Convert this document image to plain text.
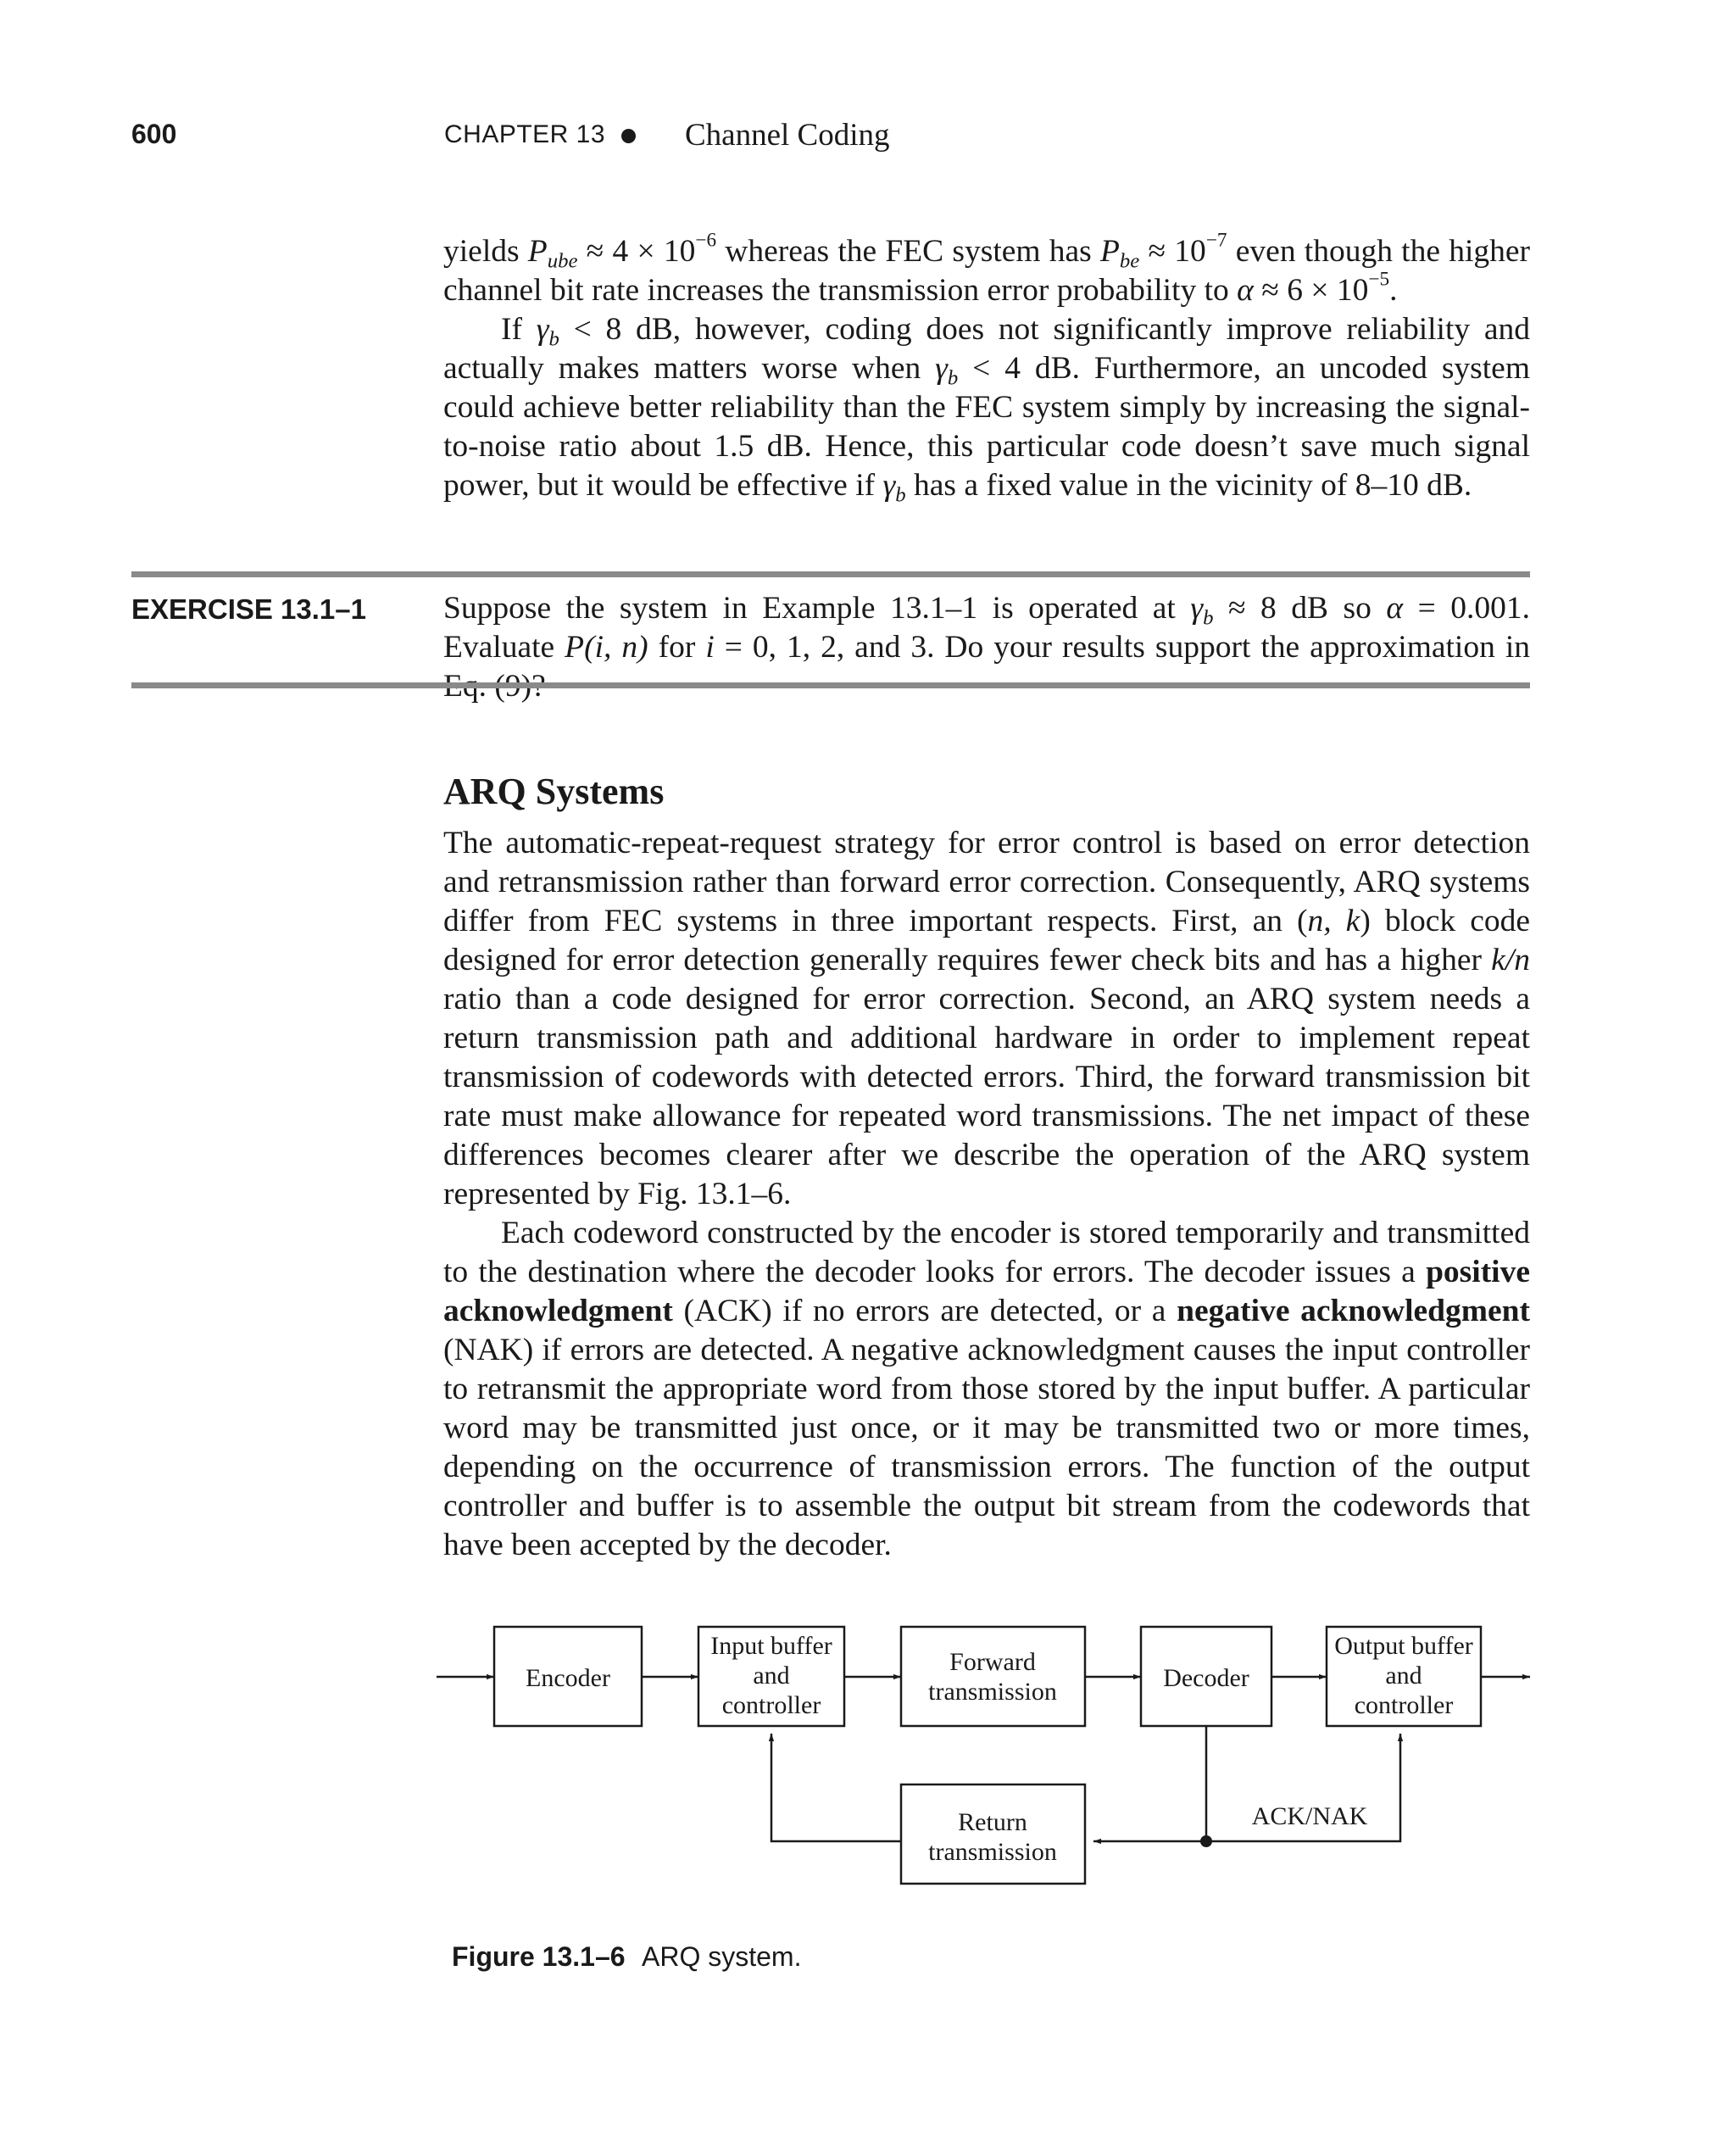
600	CHAPTER 13	Channel Coding

yields $P_{ube} \approx 4 \times 10^{-6}$ whereas the FEC system has $P_{be} \approx 10^{-7}$ even though the higher channel bit rate increases the transmission error probability to $\alpha \approx 6 \times 10^{-5}$.

If $\gamma_b < 8$ dB, however, coding does not significantly improve reliability and actually makes matters worse when $\gamma_b < 4$ dB. Furthermore, an uncoded system could achieve better reliability than the FEC system simply by increasing the signal-to-noise ratio about 1.5 dB. Hence, this particular code doesn’t save much signal power, but it would be effective if $\gamma_b$ has a fixed value in the vicinity of 8–10 dB.

EXERCISE 13.1–1 Suppose the system in Example 13.1–1 is operated at $\gamma_b \approx 8$ dB so α = 0.001. Evaluate P(i, n) for i = 0, 1, 2, and 3. Do your results support the approximation in

ARQ Systems

The automatic-repeat-request strategy for error control is based on error detection and retransmission rather than forward error correction. Consequently, ARQ systems differ from FEC systems in three important respects. First, an (n, k) block code designed for error detection generally requires fewer check bits and has a higher k/n ratio than a code designed for error correction. Second, an ARQ system needs a return transmission path and additional hardware in order to implement repeat transmission of codewords with detected errors. Third, the forward transmission bit rate must make allowance for repeated word transmissions. The net impact of these differences becomes clearer after we describe the operation of the ARQ system represented by Fig. 13.1–6.

Each codeword constructed by the encoder is stored temporarily and transmitted to the destination where the decoder looks for errors. The decoder issues a positive acknowledgment (ACK) if no errors are detected, or a negative acknowledgment (NAK) if errors are detected. A negative acknowledgment causes the input controller to retransmit the appropriate word from those stored by the input buffer. A particular word may be transmitted just once, or it may be transmitted two or more times, depending on the occurrence of transmission errors. The function of the output controller and buffer is to assemble the output bit stream from the codewords that have been accepted by the decoder.

Encoder
Input buffer
and
controller
Forward
transmission	Decoder
Output buffer
and
controller
Return
transmission
ACK/NAK
Figure 13.1–6 ARQ system.
